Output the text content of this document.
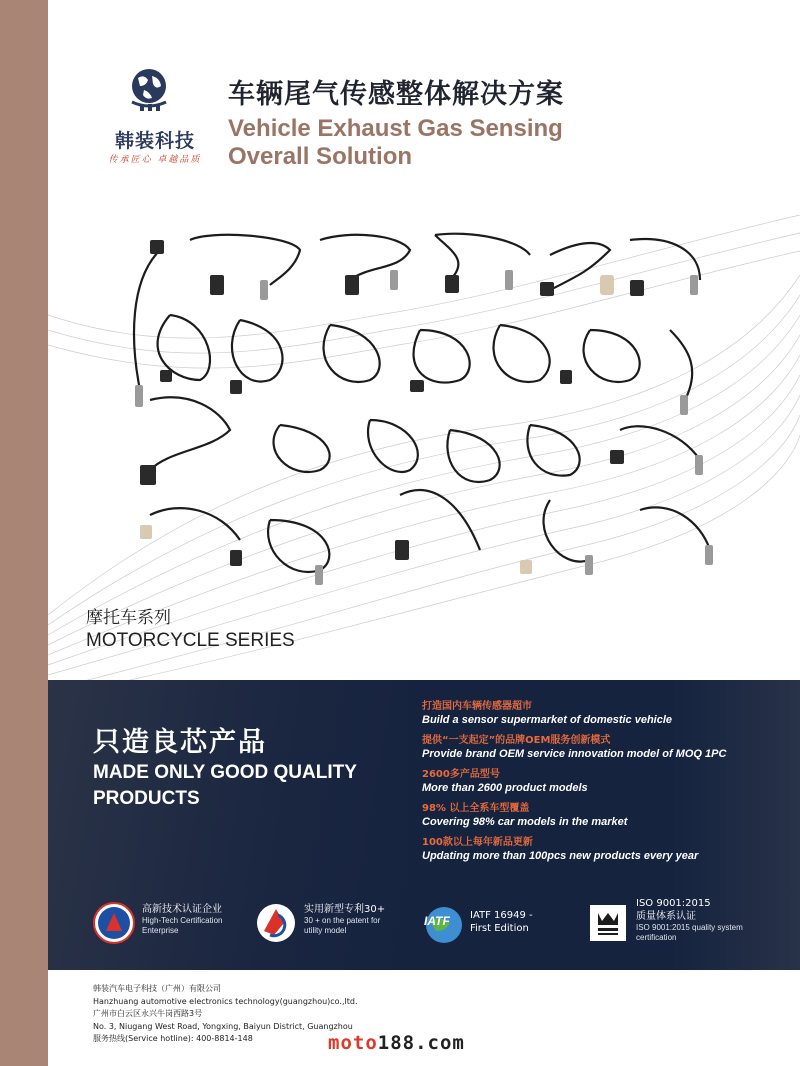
韩装科技
传承匠心 卓越品质
车辆尾气传感整体解决方案
Vehicle Exhaust Gas Sensing
Overall Solution
摩托车系列
MOTORCYCLE SERIES
只造良芯产品
MADE ONLY GOOD QUALITY PRODUCTS
打造国内车辆传感器超市
Build a sensor supermarket of domestic vehicle
提供“一支起定”的品牌OEM服务创新模式
Provide brand OEM service innovation model of MOQ 1PC
2600多产品型号
More than 2600 product models
98% 以上全系车型覆盖
Covering 98% car models in the market
100款以上每年新品更新
Updating more than 100pcs new products every year
高新技术认证企业
High-Tech Certification
Enterprise
实用新型专利30+
30 + on the patent for
utility model
IATF IATF 16949 -
First Edition
ISO 9001:2015
质量体系认证
ISO 9001:2015 quality system
certification
韩装汽车电子科技（广州）有限公司
Hanzhuang automotive electronics technology(guangzhou)co.,ltd.
广州市白云区永兴牛岗西路3号
No. 3, Niugang West Road, Yongxing, Baiyun District, Guangzhou
服务热线(Service hotline): 400-8814-148	moto188.com
